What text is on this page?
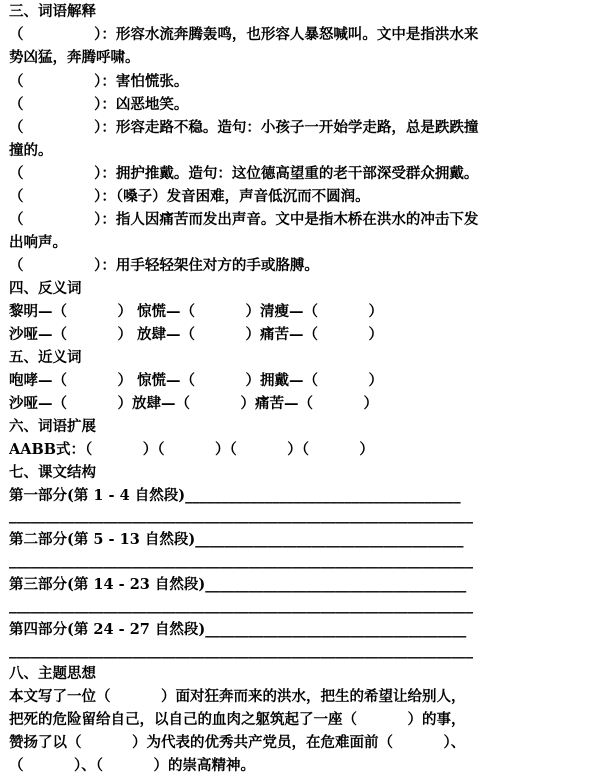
三、词语解释
（              ）：形容水流奔腾轰鸣，也形容人暴怒喊叫。文中是指洪水来
势凶猛，奔腾呼啸。
（              ）：害怕慌张。
（              ）：凶恶地笑。
（              ）：形容走路不稳。造句：小孩子一开始学走路，总是跌跌撞
撞的。
（              ）：拥护推戴。造句：这位德高望重的老干部深受群众拥戴。
（              ）：（嗓子）发音困难，声音低沉而不圆润。
（              ）：指人因痛苦而发出声音。文中是指木桥在洪水的冲击下发
出响声。
（              ）：用手轻轻架住对方的手或胳膊。
四、反义词
黎明—（          ） 惊慌—（          ）清瘦—（          ）
沙哑—（          ） 放肆—（          ）痛苦—（          ）
五、近义词
咆哮—（          ） 惊慌—（          ）拥戴—（          ）
沙哑—（          ）放肆—（          ）痛苦—（          ）
六、词语扩展
AABB式：（          ）（          ）（          ）（          ）
七、课文结构
第一部分(第 1 - 4 自然段)______________________________________
________________________________________________________________
第二部分(第 5 - 13 自然段)_____________________________________
________________________________________________________________
第三部分(第 14 - 23 自然段)____________________________________
________________________________________________________________
第四部分(第 24 - 27 自然段)____________________________________
________________________________________________________________
八、主题思想
本文写了一位（          ）面对狂奔而来的洪水，把生的希望让给别人，
把死的危险留给自己，以自己的血肉之躯筑起了一座（          ）的事，
赞扬了以（          ）为代表的优秀共产党员，在危难面前（          ）、
（          ）、（          ）的崇高精神。
